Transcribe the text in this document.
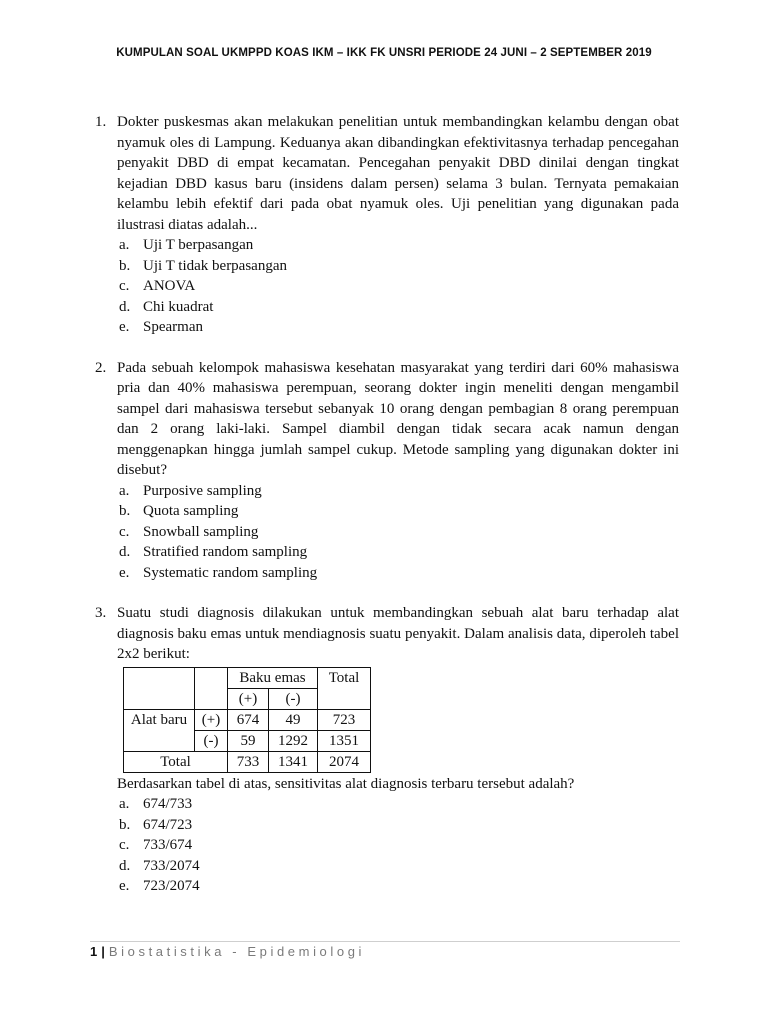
KUMPULAN SOAL UKMPPD KOAS IKM – IKK FK UNSRI PERIODE 24 JUNI – 2 SEPTEMBER 2019
1. Dokter puskesmas akan melakukan penelitian untuk membandingkan kelambu dengan obat nyamuk oles di Lampung. Keduanya akan dibandingkan efektivitasnya terhadap pencegahan penyakit DBD di empat kecamatan. Pencegahan penyakit DBD dinilai dengan tingkat kejadian DBD kasus baru (insidens dalam persen) selama 3 bulan. Ternyata pemakaian kelambu lebih efektif dari pada obat nyamuk oles. Uji penelitian yang digunakan pada ilustrasi diatas adalah...
a. Uji T berpasangan
b. Uji T tidak berpasangan
c. ANOVA
d. Chi kuadrat
e. Spearman
2. Pada sebuah kelompok mahasiswa kesehatan masyarakat yang terdiri dari 60% mahasiswa pria dan 40% mahasiswa perempuan, seorang dokter ingin meneliti dengan mengambil sampel dari mahasiswa tersebut sebanyak 10 orang dengan pembagian 8 orang perempuan dan 2 orang laki-laki. Sampel diambil dengan tidak secara acak namun dengan menggenapkan hingga jumlah sampel cukup. Metode sampling yang digunakan dokter ini disebut?
a. Purposive sampling
b. Quota sampling
c. Snowball sampling
d. Stratified random sampling
e. Systematic random sampling
3. Suatu studi diagnosis dilakukan untuk membandingkan sebuah alat baru terhadap alat diagnosis baku emas untuk mendiagnosis suatu penyakit. Dalam analisis data, diperoleh tabel 2x2 berikut:
		Baku emas		Total
		(+)	(-)	
Alat baru	(+)	674	49	723
	(-)	59	1292	1351
Total		733	1341	2074
Berdasarkan tabel di atas, sensitivitas alat diagnosis terbaru tersebut adalah?
a. 674/733
b. 674/723
c. 733/674
d. 733/2074
e. 723/2074
1 | Biostatistika - Epidemiologi
